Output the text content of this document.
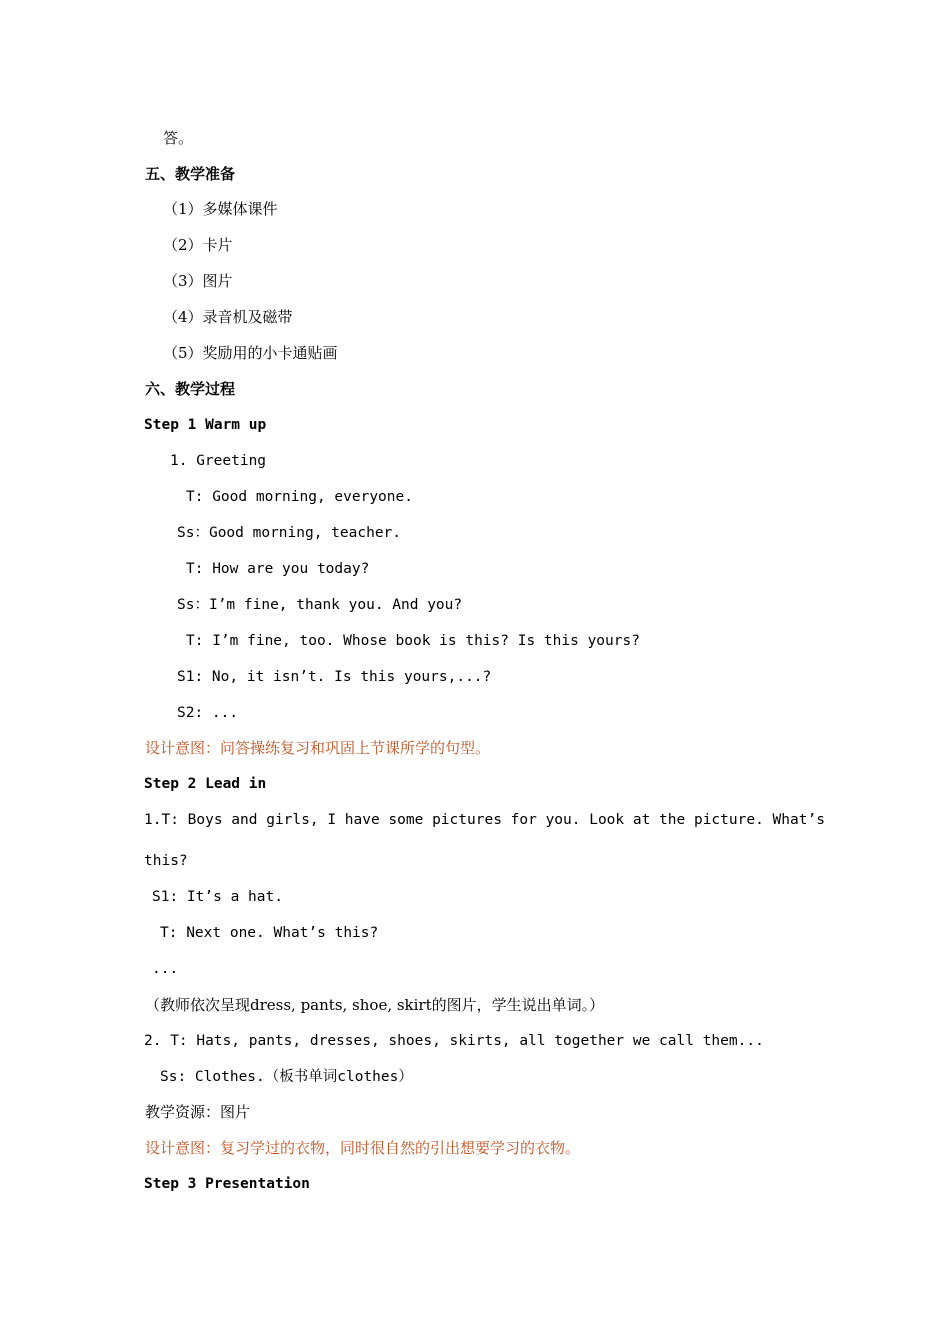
答。
五、教学准备
（1）多媒体课件
（2）卡片
（3）图片
（4）录音机及磁带
（5）奖励用的小卡通贴画
六、教学过程
Step 1 Warm up
1. Greeting
T: Good morning, everyone.
Ss：Good morning, teacher.
T: How are you today?
Ss：I’m fine, thank you. And you?
T: I’m fine, too. Whose book is this? Is this yours?
S1: No, it isn’t. Is this yours,...?
S2: ...
设计意图：问答操练复习和巩固上节课所学的句型。
Step 2 Lead in
1.T: Boys and girls, I have some pictures for you. Look at the picture. What’s
this?
S1: It’s a hat.
T: Next one. What’s this?
...
（教师依次呈现dress, pants, shoe, skirt的图片，学生说出单词。）
2. T: Hats, pants, dresses, shoes, skirts, all together we call them...
Ss: Clothes.（板书单词clothes）
教学资源：图片
设计意图：复习学过的衣物，同时很自然的引出想要学习的衣物。
Step 3 Presentation
